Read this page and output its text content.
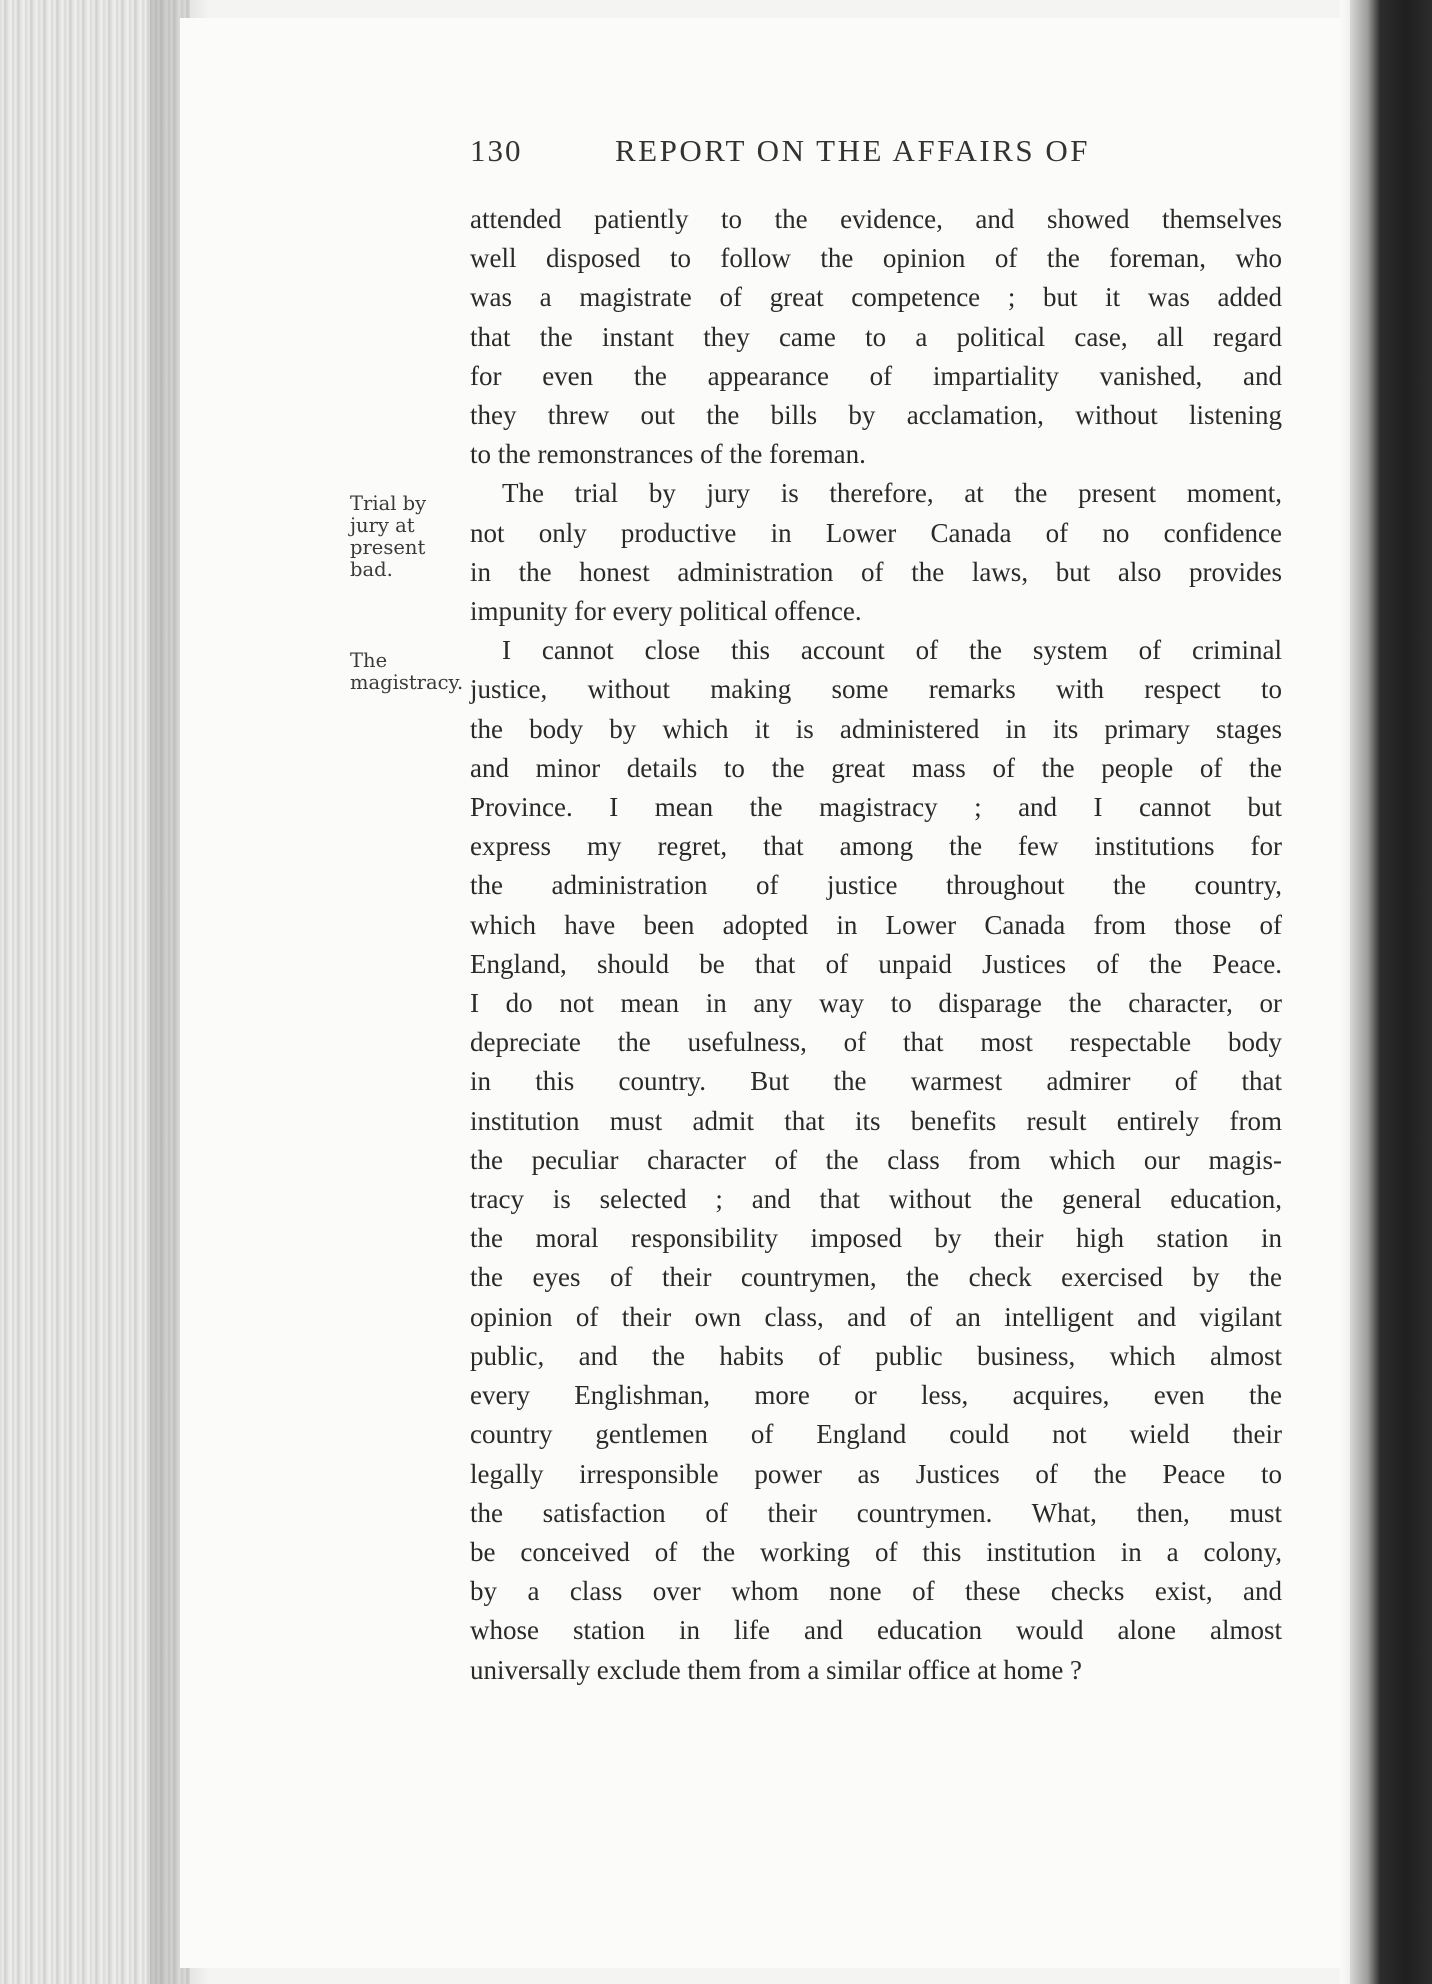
130	REPORT ON THE AFFAIRS OF
Trial by jury at present bad.
The magistracy.
attended patiently to the evidence, and showed themselves
well disposed to follow the opinion of the foreman, who
was a magistrate of great competence ; but it was added
that the instant they came to a political case, all regard
for even the appearance of impartiality vanished, and
they threw out the bills by acclamation, without listening
to the remonstrances of the foreman.
The trial by jury is therefore, at the present moment,
not only productive in Lower Canada of no confidence
in the honest administration of the laws, but also provides
impunity for every political offence.
I cannot close this account of the system of criminal
justice, without making some remarks with respect to
the body by which it is administered in its primary stages
and minor details to the great mass of the people of the
Province. I mean the magistracy ; and I cannot but
express my regret, that among the few institutions for
the administration of justice throughout the country,
which have been adopted in Lower Canada from those of
England, should be that of unpaid Justices of the Peace.
I do not mean in any way to disparage the character, or
depreciate the usefulness, of that most respectable body
in this country. But the warmest admirer of that
institution must admit that its benefits result entirely from
the peculiar character of the class from which our magis-
tracy is selected ; and that without the general education,
the moral responsibility imposed by their high station in
the eyes of their countrymen, the check exercised by the
opinion of their own class, and of an intelligent and vigilant
public, and the habits of public business, which almost
every Englishman, more or less, acquires, even the
country gentlemen of England could not wield their
legally irresponsible power as Justices of the Peace to
the satisfaction of their countrymen. What, then, must
be conceived of the working of this institution in a colony,
by a class over whom none of these checks exist, and
whose station in life and education would alone almost
universally exclude them from a similar office at home ?
